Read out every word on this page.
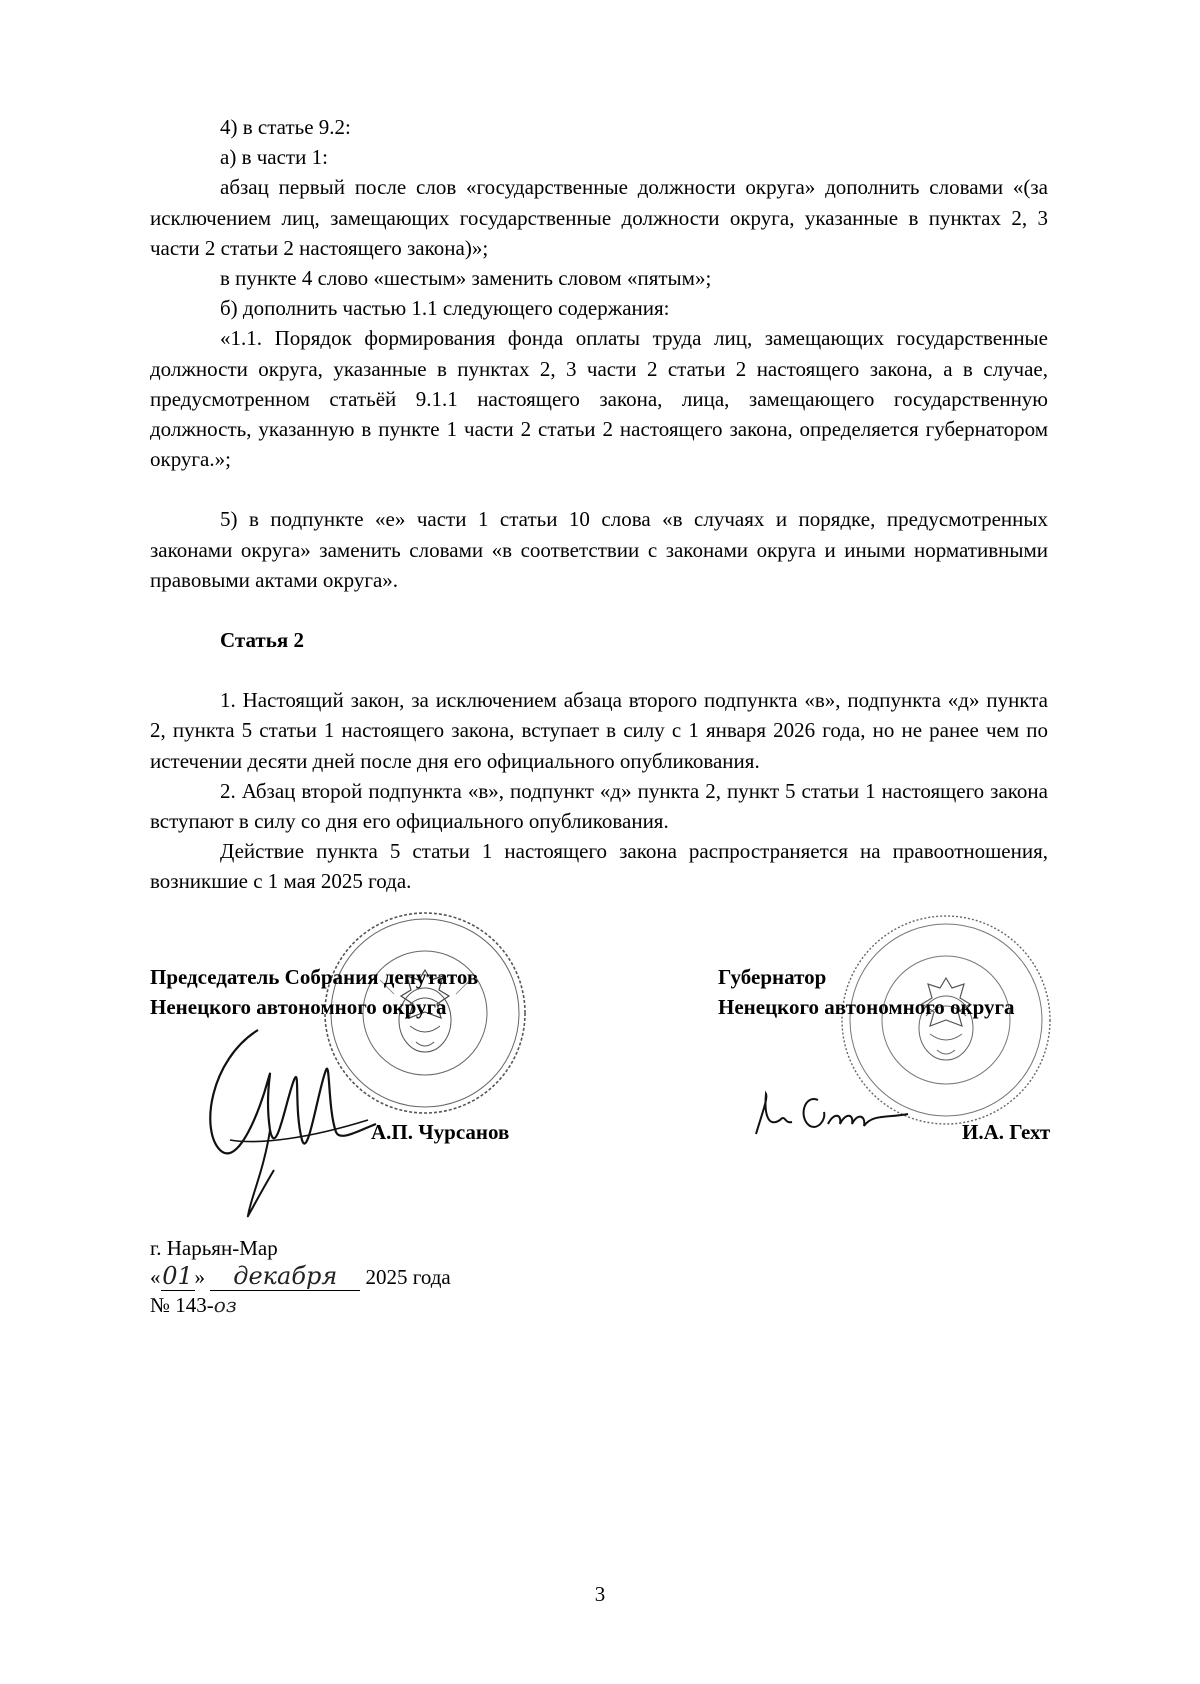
4) в статье 9.2:

а) в части 1:

абзац первый после слов «государственные должности округа» дополнить словами «(за исключением лиц, замещающих государственные должности округа, указанные в пунктах 2, 3 части 2 статьи 2 настоящего закона)»;

в пункте 4 слово «шестым» заменить словом «пятым»;

б) дополнить частью 1.1 следующего содержания:

«1.1. Порядок формирования фонда оплаты труда лиц, замещающих государственные должности округа, указанные в пунктах 2, 3 части 2 статьи 2 настоящего закона, а в случае, предусмотренном статьёй 9.1.1 настоящего закона, лица, замещающего государственную должность, указанную в пункте 1 части 2 статьи 2 настоящего закона, определяется губернатором округа.»;

5) в подпункте «е» части 1 статьи 10 слова «в случаях и порядке, предусмотренных законами округа» заменить словами «в соответствии с законами округа и иными нормативными правовыми актами округа».

Статья 2

1. Настоящий закон, за исключением абзаца второго подпункта «в», подпункта «д» пункта 2, пункта 5 статьи 1 настоящего закона, вступает в силу с 1 января 2026 года, но не ранее чем по истечении десяти дней после дня его официального опубликования.

2. Абзац второй подпункта «в», подпункт «д» пункта 2, пункт 5 статьи 1 настоящего закона вступают в силу со дня его официального опубликования.

Действие пункта 5 статьи 1 настоящего закона распространяется на правоотношения, возникшие с 1 мая 2025 года.

Председатель Собрания депутатов
Ненецкого автономного округа
А.П. Чурсанов
Губернатор
Ненецкого автономного округа
И.А. Гехт
г. Нарьян-Мар
«01» декабря 2025 года
№ 143-оз
3
